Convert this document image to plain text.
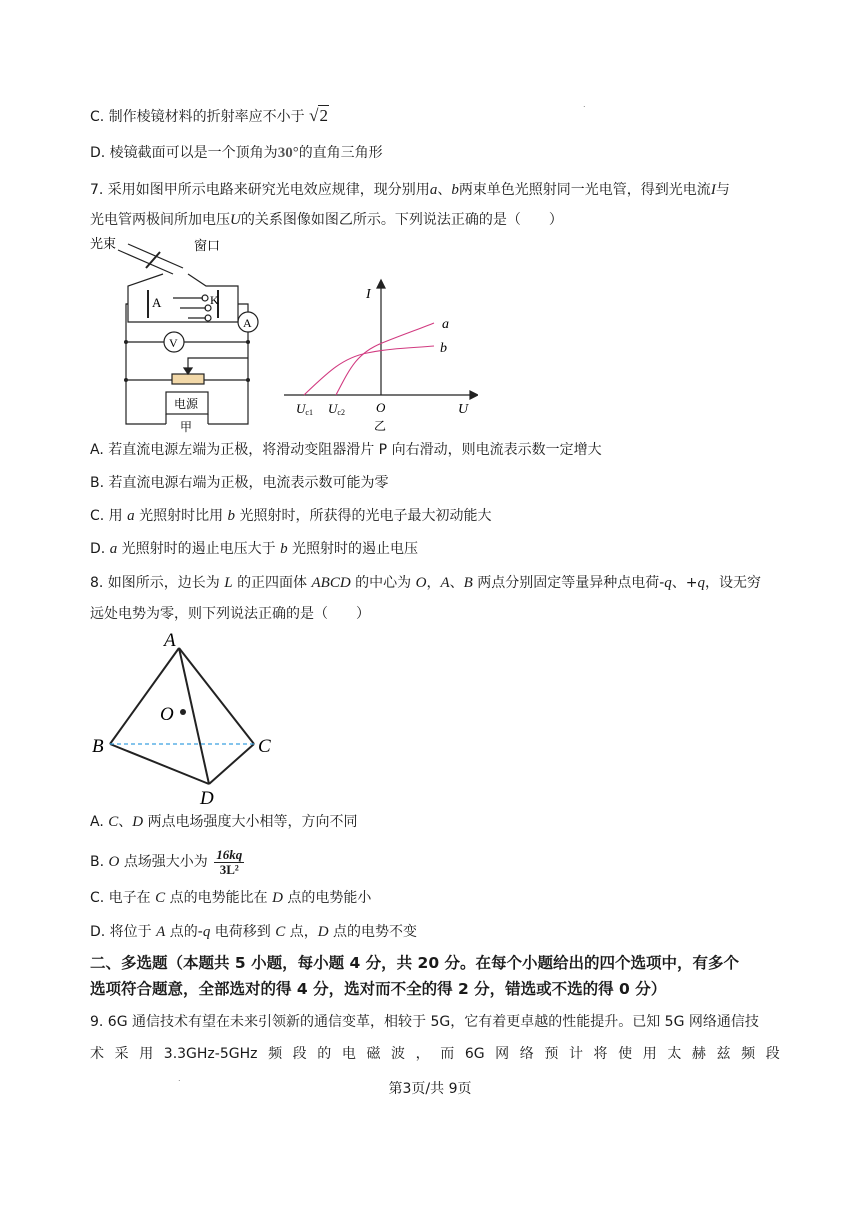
C. 制作棱镜材料的折射率应不小于 √2
.
D. 棱镜截面可以是一个顶角为30°的直角三角形
7. 采用如图甲所示电路来研究光电效应规律，现分别用a、b两束单色光照射同一光电管，得到光电流I与
光电管两极间所加电压U的关系图像如图乙所示。下列说法正确的是（　　）
光束	窗口
A	K
A
V
电源
甲
I
U
O
Uc1 Uc2
a
b
乙
A. 若直流电源左端为正极，将滑动变阻器滑片 P 向右滑动，则电流表示数一定增大
B. 若直流电源右端为正极，电流表示数可能为零
C. 用 a 光照射时比用 b 光照射时，所获得的光电子最大初动能大
D. a 光照射时的遏止电压大于 b 光照射时的遏止电压
8. 如图所示，边长为 L 的正四面体 ABCD 的中心为 O，A、B 两点分别固定等量异种点电荷-q、+q，设无穷
远处电势为零，则下列说法正确的是（　　）
A
B	C
D
O
A. C、D 两点电场强度大小相等，方向不同
B. O 点场强大小为 $\frac{16kq}{\text{3L²}}$
C. 电子在 C 点的电势能比在 D 点的电势能小
D. 将位于 A 点的-q 电荷移到 C 点，D 点的电势不变
二、多选题（本题共 5 小题，每小题 4 分，共 20 分。在每个小题给出的四个选项中，有多个
选项符合题意，全部选对的得 4 分，选对而不全的得 2 分，错选或不选的得 0 分）
9. 6G 通信技术有望在未来引领新的通信变革，相较于 5G，它有着更卓越的性能提升。已知 5G 网络通信技
术 采 用 3.3GHz-5GHz 频 段 的 电 磁 波 ， 而 6G 网 络 预 计 将 使 用 太 赫 兹 频 段
.
第3页/共 9页
